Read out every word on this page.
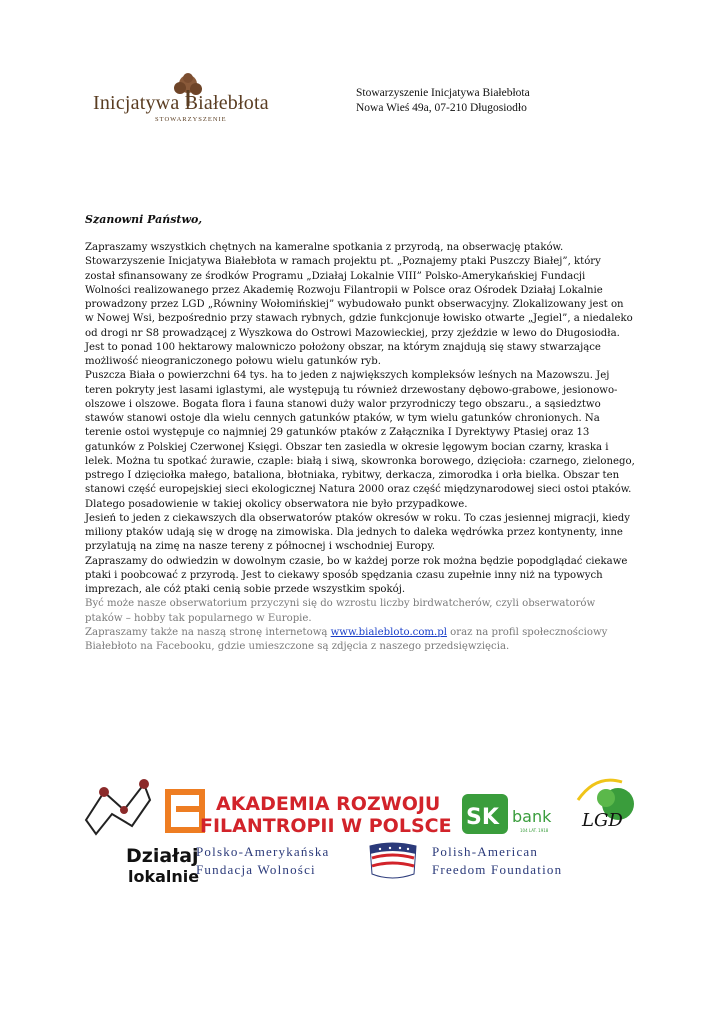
Inicjatywa Białebłota
STOWARZYSZENIE
Stowarzyszenie Inicjatywa Białebłota
Nowa Wieś 49a, 07-210 Długosiodło
Szanowni Państwo,

Zapraszamy wszystkich chętnych na kameralne spotkania z przyrodą, na obserwację ptaków.

Stowarzyszenie Inicjatywa Białebłota w ramach projektu pt. „Poznajemy ptaki Puszczy Białej”, który

został sfinansowany ze środków Programu „Działaj Lokalnie VIII” Polsko-Amerykańskiej Fundacji

Wolności realizowanego przez Akademię Rozwoju Filantropii w Polsce oraz Ośrodek Działaj Lokalnie

prowadzony przez LGD „Równiny Wołomińskiej” wybudowało punkt obserwacyjny. Zlokalizowany jest on

w Nowej Wsi, bezpośrednio przy stawach rybnych, gdzie funkcjonuje łowisko otwarte „Jegiel”, a niedaleko

od drogi nr S8 prowadzącej z Wyszkowa do Ostrowi Mazowieckiej, przy zjeździe w lewo do Długosiodła.

Jest to ponad 100 hektarowy malowniczo położony obszar, na którym znajdują się stawy stwarzające

możliwość nieograniczonego połowu wielu gatunków ryb.

Puszcza Biała o powierzchni 64 tys. ha to jeden z największych kompleksów leśnych na Mazowszu. Jej

teren pokryty jest lasami iglastymi, ale występują tu również drzewostany dębowo-grabowe, jesionowo-

olszowe i olszowe. Bogata flora i fauna stanowi duży walor przyrodniczy tego obszaru., a sąsiedztwo

stawów stanowi ostoje dla wielu cennych gatunków ptaków, w tym wielu gatunków chronionych. Na

terenie ostoi występuje co najmniej 29 gatunków ptaków z Załącznika I Dyrektywy Ptasiej oraz 13

gatunków z Polskiej Czerwonej Księgi. Obszar ten zasiedla w okresie lęgowym bocian czarny, kraska i

lelek. Można tu spotkać żurawie, czaple: białą i siwą, skowronka borowego, dzięcioła: czarnego, zielonego,

pstrego I dzięciołka małego, bataliona, błotniaka, rybitwy, derkacza, zimorodka i orła bielka. Obszar ten

stanowi część europejskiej sieci ekologicznej Natura 2000 oraz część międzynarodowej sieci ostoi ptaków.

Dlatego posadowienie w takiej okolicy obserwatora nie było przypadkowe.

Jesień to jeden z ciekawszych dla obserwatorów ptaków okresów w roku. To czas jesiennej migracji, kiedy

miliony ptaków udają się w drogę na zimowiska. Dla jednych to daleka wędrówka przez kontynenty, inne

przylatują na zimę na nasze tereny z północnej i wschodniej Europy.

Zapraszamy do odwiedzin w dowolnym czasie, bo w każdej porze rok można będzie popodglądać ciekawe

ptaki i poobcować z przyrodą. Jest to ciekawy sposób spędzania czasu zupełnie inny niż na typowych

imprezach, ale cóż ptaki cenią sobie przede wszystkim spokój.

Być może nasze obserwatorium przyczyni się do wzrostu liczby birdwatcherów, czyli obserwatorów

ptaków – hobby tak popularnego w Europie.

Zapraszamy także na naszą stronę internetową www.bialebloto.com.pl oraz na profil społecznościowy

Białebłoto na Facebooku, gdzie umieszczone są zdjęcia z naszego przedsięwzięcia.

Działaj
lokalnie
AKADEMIA ROZWOJU
FILANTROPII W POLSCE SK bank
104 LAT. 1918 LGD
Polsko-Amerykańska
Fundacja Wolności
Polish-American
Freedom Foundation
